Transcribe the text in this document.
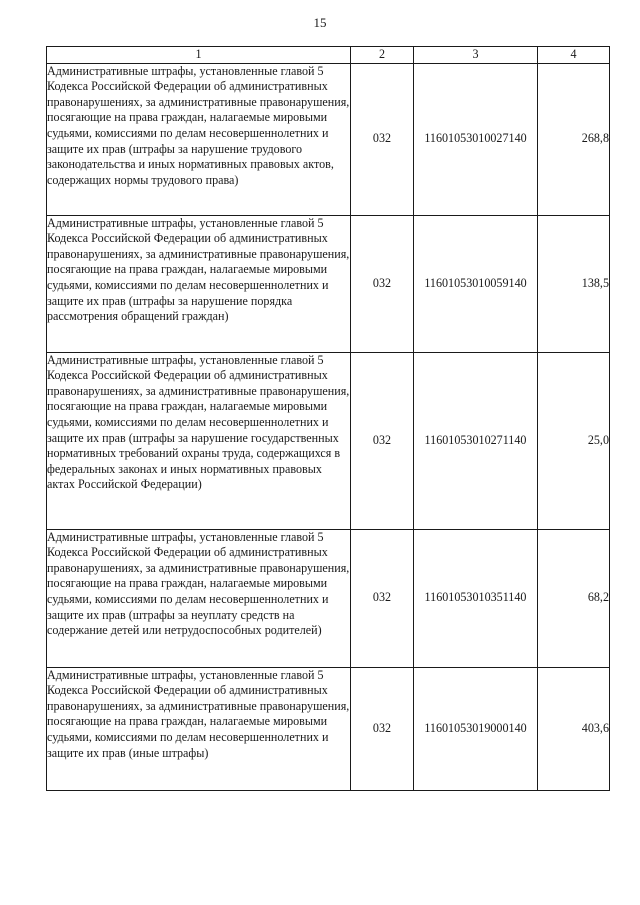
15
1	2	3	4
Административные штрафы, установленные главой 5 Кодекса Российской Федерации об административных правонарушениях, за административные правонарушения, посягающие на права граждан, налагаемые мировыми судьями, комиссиями по делам несовершеннолетних и защите их прав (штрафы за нарушение трудового законодательства и иных нормативных правовых актов, содержащих нормы трудового права)	032	11601053010027140	268,8
Административные штрафы, установленные главой 5 Кодекса Российской Федерации об административных правонарушениях, за административные правонарушения, посягающие на права граждан, налагаемые мировыми судьями, комиссиями по делам несовершеннолетних и защите их прав (штрафы за нарушение порядка рассмотрения обращений граждан)	032	11601053010059140	138,5
Административные штрафы, установленные главой 5 Кодекса Российской Федерации об административных правонарушениях, за административные правонарушения, посягающие на права граждан, налагаемые мировыми судьями, комиссиями по делам несовершеннолетних и защите их прав (штрафы за нарушение государственных нормативных требований охраны труда, содержащихся в федеральных законах и иных нормативных правовых актах Российской Федерации)	032	11601053010271140	25,0
Административные штрафы, установленные главой 5 Кодекса Российской Федерации об административных правонарушениях, за административные правонарушения, посягающие на права граждан, налагаемые мировыми судьями, комиссиями по делам несовершеннолетних и защите их прав (штрафы за неуплату средств на содержание детей или нетрудоспособных родителей)	032	11601053010351140	68,2
Административные штрафы, установленные главой 5 Кодекса Российской Федерации об административных правонарушениях, за административные правонарушения, посягающие на права граждан, налагаемые мировыми судьями, комиссиями по делам несовершеннолетних и защите их прав (иные штрафы)	032	11601053019000140	403,6
